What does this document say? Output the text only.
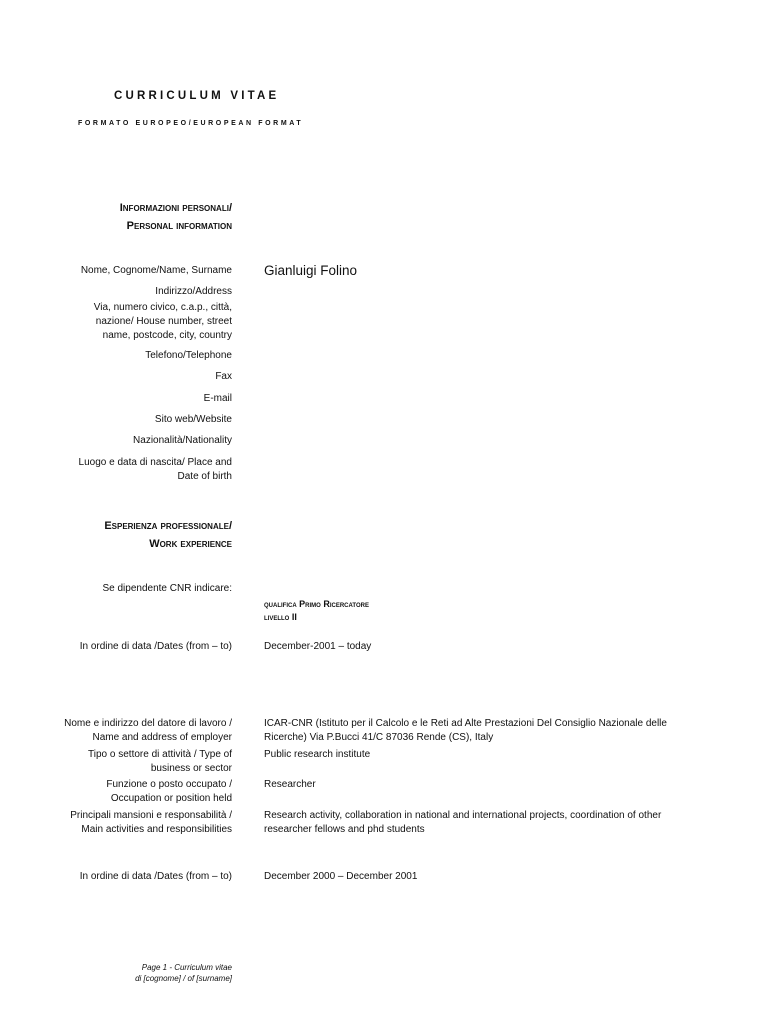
CURRICULUM VITAE
FORMATO EUROPEO/EUROPEAN FORMAT
Informazioni personali/
Personal information
Nome, Cognome/Name, Surname Gianluigi Folino
Indirizzo/Address
Via, numero civico, c.a.p., città, nazione/ House number, street name, postcode, city, country
Telefono/Telephone
Fax
E-mail
Sito web/Website
Nazionalità/Nationality
Luogo e data di nascita/ Place and Date of birth
Esperienza professionale/
Work experience
Se dipendente CNR indicare:
qualifica Primo Ricercatore
livello II
In ordine di data /Dates (from – to)	December-2001 – today
Nome e indirizzo del datore di lavoro / Name and address of employer
ICAR-CNR (Istituto per il Calcolo e le Reti ad Alte Prestazioni Del Consiglio Nazionale delle Ricerche) Via P.Bucci 41/C 87036 Rende (CS), Italy
Tipo o settore di attività / Type of business or sector
Public research institute
Funzione o posto occupato / Occupation or position held
Researcher
Principali mansioni e responsabilità / Main activities and responsibilities
Research activity, collaboration in national and international projects, coordination of other researcher fellows and phd students
In ordine di data /Dates (from – to)	December 2000 – December 2001
Page 1 - Curriculum vitae
di [cognome] / of [surname]
